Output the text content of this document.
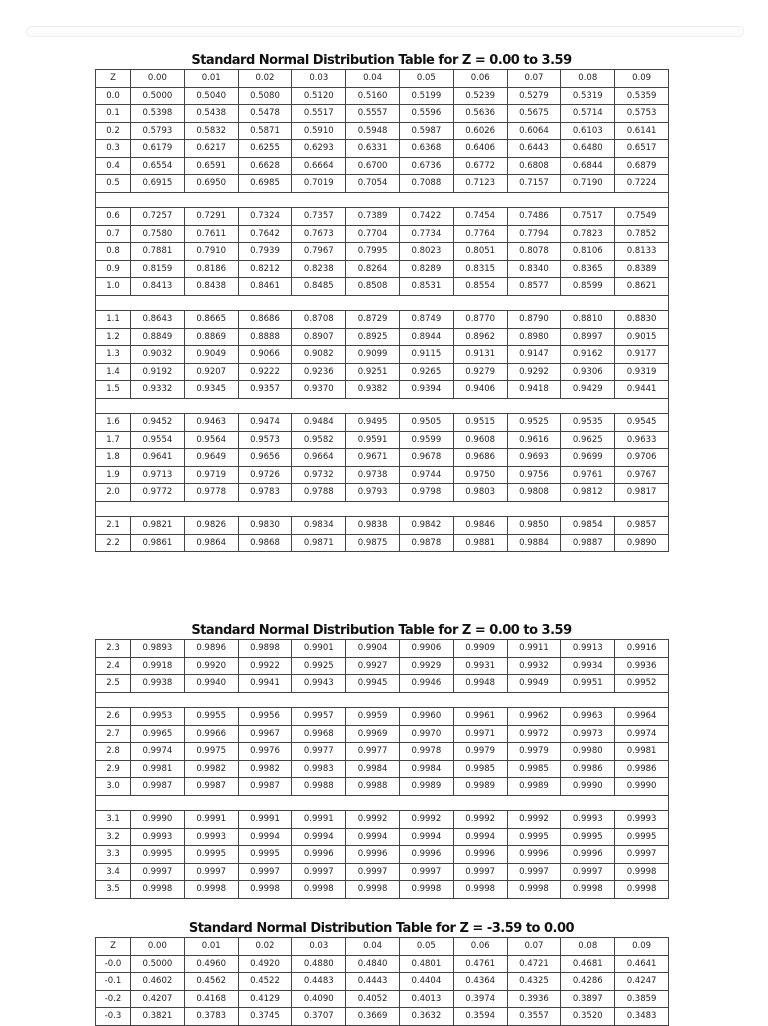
Standard Normal Distribution Table for Z = 0.00 to 3.59
Z	0.00	0.01	0.02	0.03	0.04	0.05	0.06	0.07	0.08	0.09
0.0	0.5000	0.5040	0.5080	0.5120	0.5160	0.5199	0.5239	0.5279	0.5319	0.5359
0.1	0.5398	0.5438	0.5478	0.5517	0.5557	0.5596	0.5636	0.5675	0.5714	0.5753
0.2	0.5793	0.5832	0.5871	0.5910	0.5948	0.5987	0.6026	0.6064	0.6103	0.6141
0.3	0.6179	0.6217	0.6255	0.6293	0.6331	0.6368	0.6406	0.6443	0.6480	0.6517
0.4	0.6554	0.6591	0.6628	0.6664	0.6700	0.6736	0.6772	0.6808	0.6844	0.6879
0.5	0.6915	0.6950	0.6985	0.7019	0.7054	0.7088	0.7123	0.7157	0.7190	0.7224

0.6	0.7257	0.7291	0.7324	0.7357	0.7389	0.7422	0.7454	0.7486	0.7517	0.7549
0.7	0.7580	0.7611	0.7642	0.7673	0.7704	0.7734	0.7764	0.7794	0.7823	0.7852
0.8	0.7881	0.7910	0.7939	0.7967	0.7995	0.8023	0.8051	0.8078	0.8106	0.8133
0.9	0.8159	0.8186	0.8212	0.8238	0.8264	0.8289	0.8315	0.8340	0.8365	0.8389
1.0	0.8413	0.8438	0.8461	0.8485	0.8508	0.8531	0.8554	0.8577	0.8599	0.8621

1.1	0.8643	0.8665	0.8686	0.8708	0.8729	0.8749	0.8770	0.8790	0.8810	0.8830
1.2	0.8849	0.8869	0.8888	0.8907	0.8925	0.8944	0.8962	0.8980	0.8997	0.9015
1.3	0.9032	0.9049	0.9066	0.9082	0.9099	0.9115	0.9131	0.9147	0.9162	0.9177
1.4	0.9192	0.9207	0.9222	0.9236	0.9251	0.9265	0.9279	0.9292	0.9306	0.9319
1.5	0.9332	0.9345	0.9357	0.9370	0.9382	0.9394	0.9406	0.9418	0.9429	0.9441

1.6	0.9452	0.9463	0.9474	0.9484	0.9495	0.9505	0.9515	0.9525	0.9535	0.9545
1.7	0.9554	0.9564	0.9573	0.9582	0.9591	0.9599	0.9608	0.9616	0.9625	0.9633
1.8	0.9641	0.9649	0.9656	0.9664	0.9671	0.9678	0.9686	0.9693	0.9699	0.9706
1.9	0.9713	0.9719	0.9726	0.9732	0.9738	0.9744	0.9750	0.9756	0.9761	0.9767
2.0	0.9772	0.9778	0.9783	0.9788	0.9793	0.9798	0.9803	0.9808	0.9812	0.9817

2.1	0.9821	0.9826	0.9830	0.9834	0.9838	0.9842	0.9846	0.9850	0.9854	0.9857
2.2	0.9861	0.9864	0.9868	0.9871	0.9875	0.9878	0.9881	0.9884	0.9887	0.9890
Standard Normal Distribution Table for Z = 0.00 to 3.59
2.3	0.9893	0.9896	0.9898	0.9901	0.9904	0.9906	0.9909	0.9911	0.9913	0.9916
2.4	0.9918	0.9920	0.9922	0.9925	0.9927	0.9929	0.9931	0.9932	0.9934	0.9936
2.5	0.9938	0.9940	0.9941	0.9943	0.9945	0.9946	0.9948	0.9949	0.9951	0.9952

2.6	0.9953	0.9955	0.9956	0.9957	0.9959	0.9960	0.9961	0.9962	0.9963	0.9964
2.7	0.9965	0.9966	0.9967	0.9968	0.9969	0.9970	0.9971	0.9972	0.9973	0.9974
2.8	0.9974	0.9975	0.9976	0.9977	0.9977	0.9978	0.9979	0.9979	0.9980	0.9981
2.9	0.9981	0.9982	0.9982	0.9983	0.9984	0.9984	0.9985	0.9985	0.9986	0.9986
3.0	0.9987	0.9987	0.9987	0.9988	0.9988	0.9989	0.9989	0.9989	0.9990	0.9990

3.1	0.9990	0.9991	0.9991	0.9991	0.9992	0.9992	0.9992	0.9992	0.9993	0.9993
3.2	0.9993	0.9993	0.9994	0.9994	0.9994	0.9994	0.9994	0.9995	0.9995	0.9995
3.3	0.9995	0.9995	0.9995	0.9996	0.9996	0.9996	0.9996	0.9996	0.9996	0.9997
3.4	0.9997	0.9997	0.9997	0.9997	0.9997	0.9997	0.9997	0.9997	0.9997	0.9998
3.5	0.9998	0.9998	0.9998	0.9998	0.9998	0.9998	0.9998	0.9998	0.9998	0.9998
Standard Normal Distribution Table for Z = -3.59 to 0.00
Z	0.00	0.01	0.02	0.03	0.04	0.05	0.06	0.07	0.08	0.09
-0.0	0.5000	0.4960	0.4920	0.4880	0.4840	0.4801	0.4761	0.4721	0.4681	0.4641
-0.1	0.4602	0.4562	0.4522	0.4483	0.4443	0.4404	0.4364	0.4325	0.4286	0.4247
-0.2	0.4207	0.4168	0.4129	0.4090	0.4052	0.4013	0.3974	0.3936	0.3897	0.3859
-0.3	0.3821	0.3783	0.3745	0.3707	0.3669	0.3632	0.3594	0.3557	0.3520	0.3483
